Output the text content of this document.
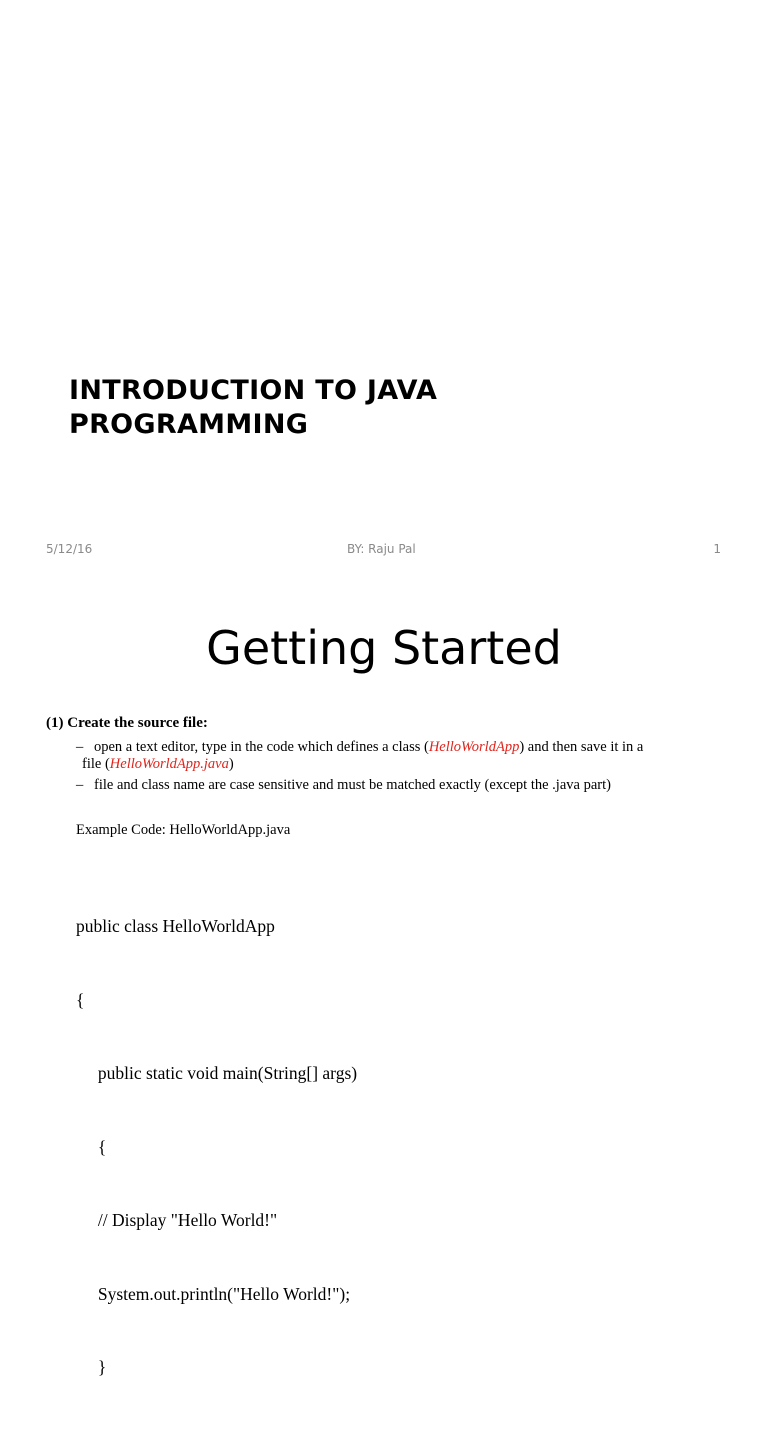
INTRODUCTION TO JAVA
PROGRAMMING
5/12/16	BY: Raju Pal	1
Getting Started
(1) Create the source file:
– open a text editor, type in the code which defines a class (HelloWorldApp) and then save it in a
file (HelloWorldApp.java)
– file and class name are case sensitive and must be matched exactly (except the .java part)
Example Code: HelloWorldApp.java

public class HelloWorldApp

{

public static void main(String[] args)

{

// Display "Hello World!"

System.out.println("Hello World!");

}
